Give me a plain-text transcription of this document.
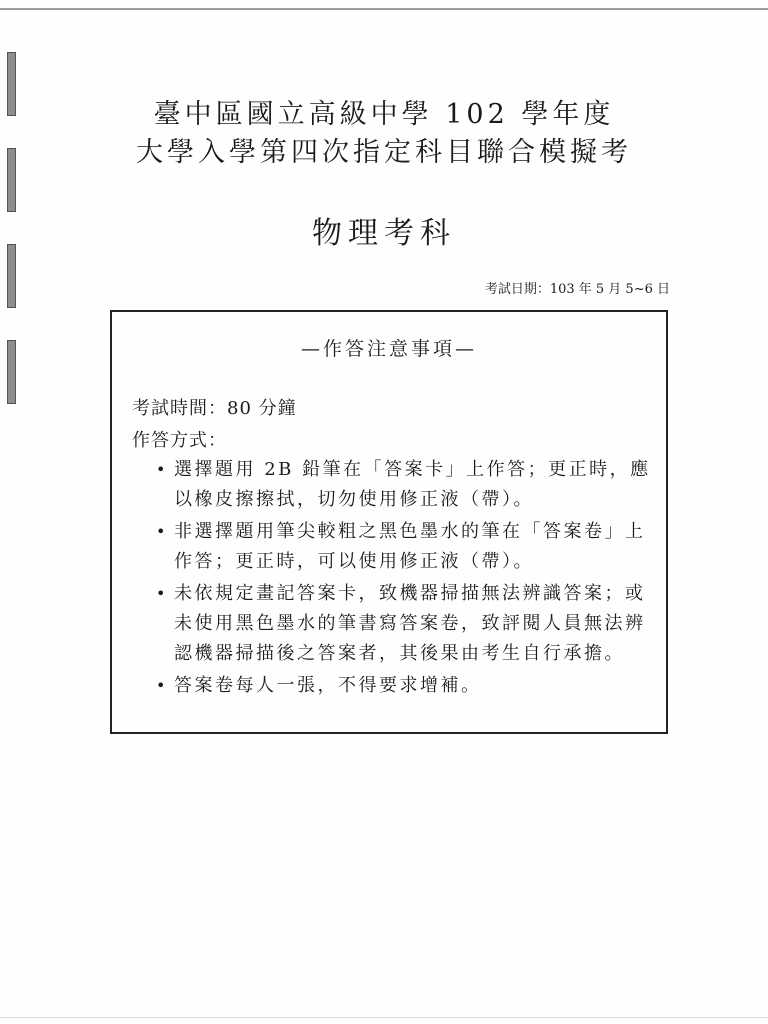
臺中區國立高級中學 102 學年度
大學入學第四次指定科目聯合模擬考
物理考科
考試日期：103 年 5 月 5~6 日
—作答注意事項—
考試時間：80 分鐘
作答方式：
• 選擇題用 2B 鉛筆在「答案卡」上作答；更正時，應以橡皮擦擦拭，切勿使用修正液（帶）。
• 非選擇題用筆尖較粗之黑色墨水的筆在「答案卷」上作答；更正時，可以使用修正液（帶）。
• 未依規定畫記答案卡，致機器掃描無法辨識答案；或未使用黑色墨水的筆書寫答案卷，致評閱人員無法辨認機器掃描後之答案者，其後果由考生自行承擔。
• 答案卷每人一張，不得要求增補。
